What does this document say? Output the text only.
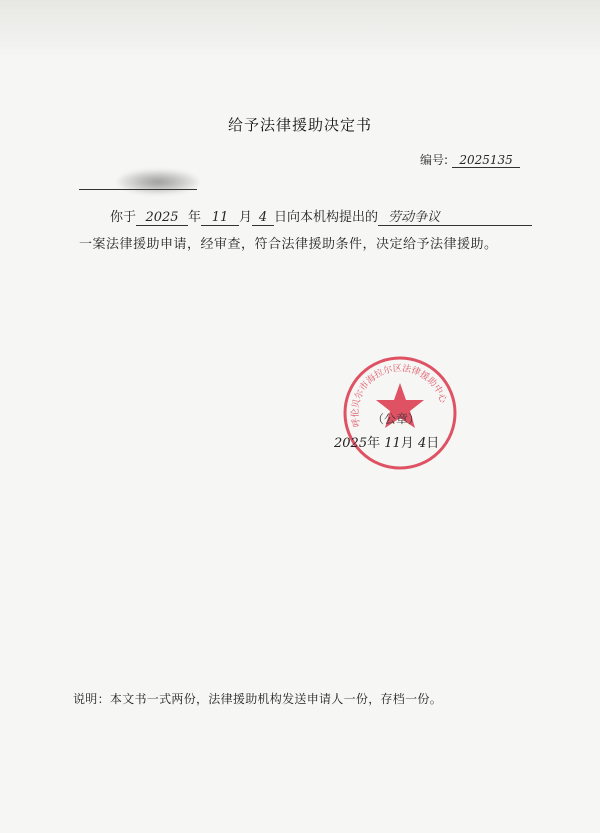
给予法律援助决定书
编号: 2025135
你于 2025 年 11 月 4 日向本机构提出的 劳动争议
一案法律援助申请，经审查，符合法律援助条件，决定给予法律援助。
呼伦贝尔市海拉尔区法律援助中心
（公章）
2025年 11月 4日
说明：本文书一式两份，法律援助机构发送申请人一份，存档一份。
